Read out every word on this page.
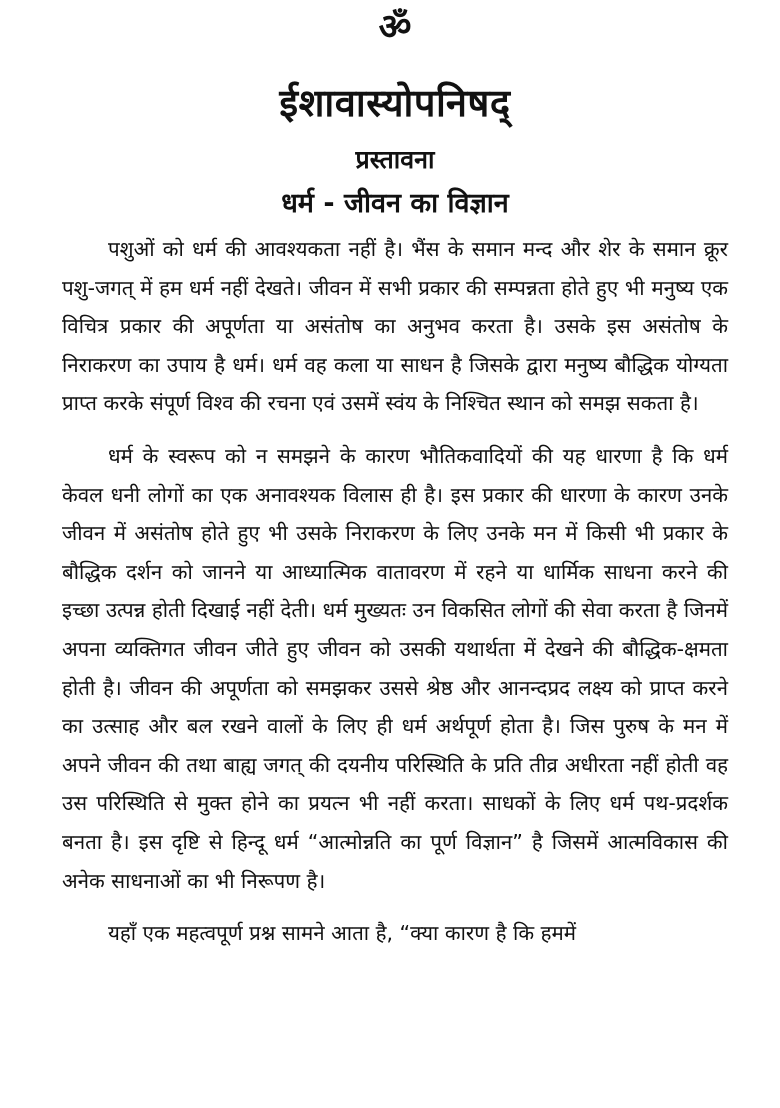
ॐ
ईशावास्योपनिषद्
प्रस्तावना
धर्म - जीवन का विज्ञान

पशुओं को धर्म की आवश्यकता नहीं है। भैंस के समान मन्द और शेर के समान क्रूर पशु-जगत् में हम धर्म नहीं देखते। जीवन में सभी प्रकार की सम्पन्नता होते हुए भी मनुष्य एक विचित्र प्रकार की अपूर्णता या असंतोष का अनुभव करता है। उसके इस असंतोष के निराकरण का उपाय है धर्म। धर्म वह कला या साधन है जिसके द्वारा मनुष्य बौद्धिक योग्यता प्राप्त करके संपूर्ण विश्व की रचना एवं उसमें स्वंय के निश्चित स्थान को समझ सकता है।

धर्म के स्वरूप को न समझने के कारण भौतिकवादियों की यह धारणा है कि धर्म केवल धनी लोगों का एक अनावश्यक विलास ही है। इस प्रकार की धारणा के कारण उनके जीवन में असंतोष होते हुए भी उसके निराकरण के लिए उनके मन में किसी भी प्रकार के बौद्धिक दर्शन को जानने या आध्यात्मिक वातावरण में रहने या धार्मिक साधना करने की इच्छा उत्पन्न होती दिखाई नहीं देती। धर्म मुख्यतः उन विकसित लोगों की सेवा करता है जिनमें अपना व्यक्तिगत जीवन जीते हुए जीवन को उसकी यथार्थता में देखने की बौद्धिक-क्षमता होती है। जीवन की अपूर्णता को समझकर उससे श्रेष्ठ और आनन्दप्रद लक्ष्य को प्राप्त करने का उत्साह और बल रखने वालों के लिए ही धर्म अर्थपूर्ण होता है। जिस पुरुष के मन में अपने जीवन की तथा बाह्य जगत् की दयनीय परिस्थिति के प्रति तीव्र अधीरता नहीं होती वह उस परिस्थिति से मुक्त होने का प्रयत्न भी नहीं करता। साधकों के लिए धर्म पथ-प्रदर्शक बनता है। इस दृष्टि से हिन्दू धर्म “आत्मोन्नति का पूर्ण विज्ञान” है जिसमें आत्मविकास की अनेक साधनाओं का भी निरूपण है।

यहाँ एक महत्वपूर्ण प्रश्न सामने आता है, “क्या कारण है कि हममें
